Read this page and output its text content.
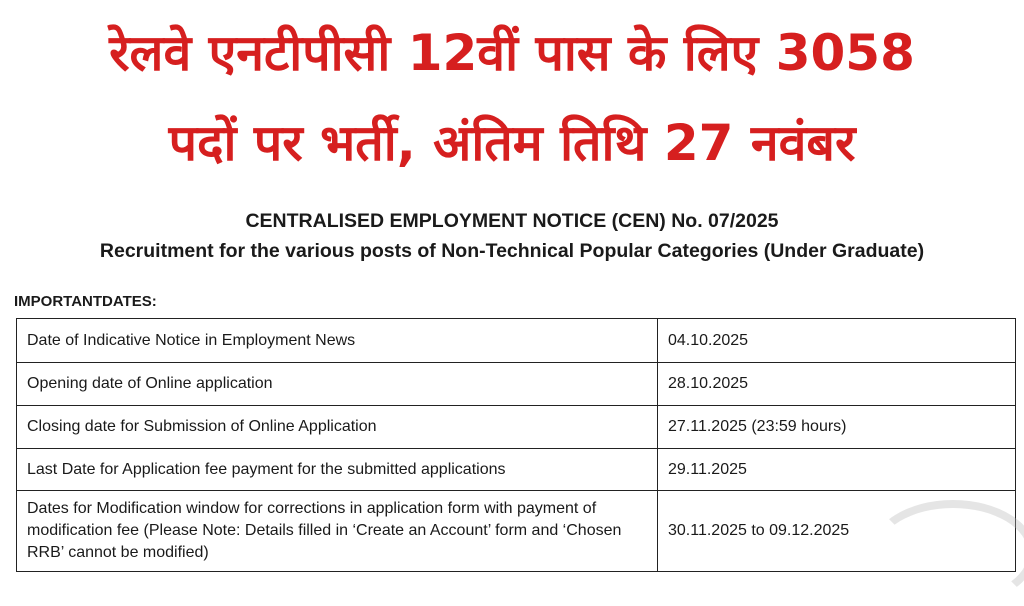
रेलवे एनटीपीसी 12वीं पास के लिए 3058
पदों पर भर्ती, अंतिम तिथि 27 नवंबर
CENTRALISED EMPLOYMENT NOTICE (CEN) No. 07/2025
Recruitment for the various posts of Non-Technical Popular Categories (Under Graduate)
IMPORTANTDATES:
Date of Indicative Notice in Employment News	04.10.2025
Opening date of Online application	28.10.2025
Closing date for Submission of Online Application	27.11.2025 (23:59 hours)
Last Date for Application fee payment for the submitted applications	29.11.2025
Dates for Modification window for corrections in application form with payment of modification fee (Please Note: Details filled in ‘Create an Account’ form and ‘Chosen RRB’ cannot be modified)	30.11.2025 to 09.12.2025
